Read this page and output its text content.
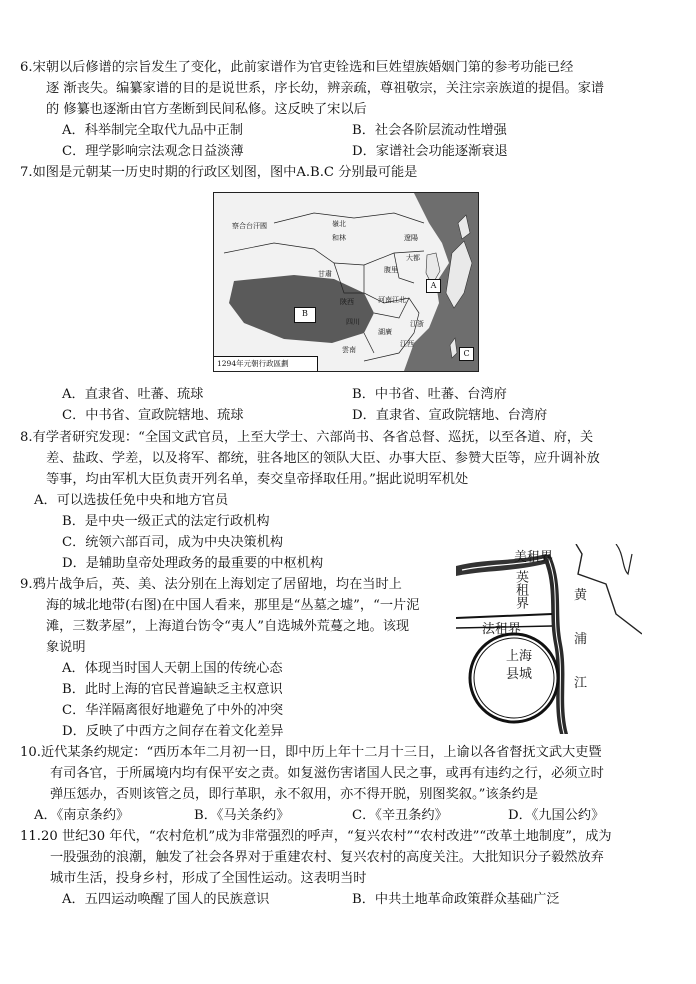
6.宋朝以后修谱的宗旨发生了变化，此前家谱作为官吏铨选和巨姓望族婚姻门第的参考功能已经
逐 渐丧失。编纂家谱的目的是说世系，序长幼，辨亲疏，尊祖敬宗，关注宗亲族道的提倡。家谱
的 修纂也逐渐由官方垄断到民间私修。这反映了宋以后
A．科举制完全取代九品中正制	B．社会各阶层流动性增强
C．理学影响宗法观念日益淡薄	D．家谱社会功能逐渐衰退
7.如图是元朝某一历史时期的行政区划图，图中A.B.C 分别最可能是
察合台汗國	嶺北
遼陽
和林
腹里
甘肅
陝西	河南江北
四川	江浙
湖廣
江西
雲南
大都
A
B
C
1294年元朝行政區劃
A．直隶省、吐蕃、琉球	B．中书省、吐蕃、台湾府
C．中书省、宣政院辖地、琉球	D．直隶省、宣政院辖地、台湾府
8.有学者研究发现：“全国文武官员，上至大学士、六部尚书、各省总督、巡抚，以至各道、府，关
差、盐政、学差，以及将军、都统，驻各地区的领队大臣、办事大臣、参赞大臣等，应升调补放
等事，均由军机大臣负责开列名单，奏交皇帝择取任用。”据此说明军机处
A．可以选拔任免中央和地方官员
B．是中央一级正式的法定行政机构
C．统领六部百司，成为中央决策机构
D．是辅助皇帝处理政务的最重要的中枢机构
9.鸦片战争后，英、美、法分别在上海划定了居留地，均在当时上
海的城北地带(右图)在中国人看来，那里是“丛墓之墟”，“一片泥
滩，三数茅屋”，上海道台饬令“夷人”自选城外荒蔓之地。该现
象说明
A．体现当时国人天朝上国的传统心态
B．此时上海的官民普遍缺乏主权意识
C．华洋隔离很好地避免了中外的冲突
D．反映了中西方之间存在着文化差异
美租界
英租界
法租界
上海县城
黄浦江
10.近代某条约规定：“西历本年二月初一日，即中历上年十二月十三日，上谕以各省督抚文武大吏暨
有司各官，于所属境内均有保平安之责。如复滋伤害诸国人民之事，或再有违约之行，必须立时
弹压惩办，否则该管之员，即行革职，永不叙用，亦不得开脱，别图奖叙。”该条约是
A．《南京条约》	B．《马关条约》	C．《辛丑条约》	D．《九国公约》
11.20 世纪30 年代，“农村危机”成为非常强烈的呼声，“复兴农村”“农村改进”“改革土地制度”，成为
一股强劲的浪潮，触发了社会各界对于重建农村、复兴农村的高度关注。大批知识分子毅然放弃
城市生活，投身乡村，形成了全国性运动。这表明当时
A．五四运动唤醒了国人的民族意识	B．中共土地革命政策群众基础广泛
